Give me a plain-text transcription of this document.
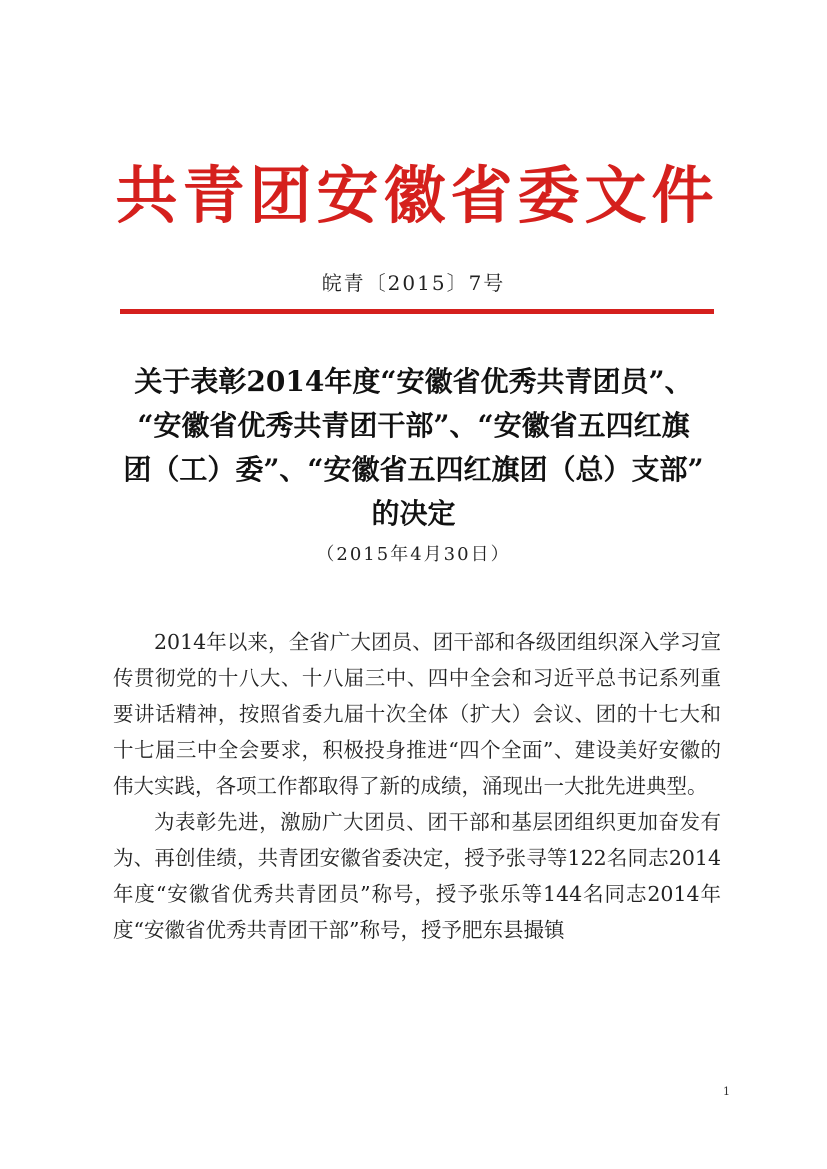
共青团安徽省委文件
皖青〔2015〕7号
关于表彰2014年度“安徽省优秀共青团员”、
“安徽省优秀共青团干部”、“安徽省五四红旗
团（工）委”、“安徽省五四红旗团（总）支部”
的决定
（2015年4月30日）

2014年以来，全省广大团员、团干部和各级团组织深入学习宣传贯彻党的十八大、十八届三中、四中全会和习近平总书记系列重要讲话精神，按照省委九届十次全体（扩大）会议、团的十七大和十七届三中全会要求，积极投身推进“四个全面”、建设美好安徽的伟大实践，各项工作都取得了新的成绩，涌现出一大批先进典型。

为表彰先进，激励广大团员、团干部和基层团组织更加奋发有为、再创佳绩，共青团安徽省委决定，授予张寻等122名同志2014年度“安徽省优秀共青团员”称号，授予张乐等144名同志2014年度“安徽省优秀共青团干部”称号，授予肥东县撮镇

1
